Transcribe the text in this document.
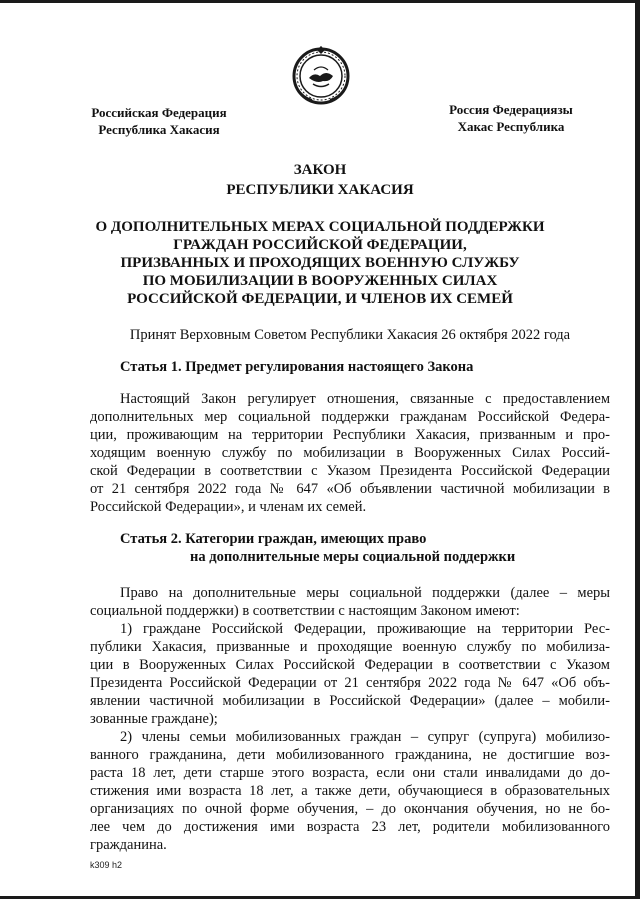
Российская Федерация
Республика Хакасия
Россия Федерациязы
Хакас Республика
ЗАКОН
РЕСПУБЛИКИ ХАКАСИЯ
О ДОПОЛНИТЕЛЬНЫХ МЕРАХ СОЦИАЛЬНОЙ ПОДДЕРЖКИ
ГРАЖДАН РОССИЙСКОЙ ФЕДЕРАЦИИ,
ПРИЗВАННЫХ И ПРОХОДЯЩИХ ВОЕННУЮ СЛУЖБУ
ПО МОБИЛИЗАЦИИ В ВООРУЖЕННЫХ СИЛАХ
РОССИЙСКОЙ ФЕДЕРАЦИИ, И ЧЛЕНОВ ИХ СЕМЕЙ
Принят Верховным Советом Республики Хакасия 26 октября 2022 года
Статья 1. Предмет регулирования настоящего Закона
Настоящий Закон регулирует отношения, связанные с предоставлением
дополнительных мер социальной поддержки гражданам Российской Федера-
ции, проживающим на территории Республики Хакасия, призванным и про-
ходящим военную службу по мобилизации в Вооруженных Силах Россий-
ской Федерации в соответствии с Указом Президента Российской Федерации
от 21 сентября 2022 года № 647 «Об объявлении частичной мобилизации в
Российской Федерации», и членам их семей.
Статья 2. Категории граждан, имеющих право
на дополнительные меры социальной поддержки
Право на дополнительные меры социальной поддержки (далее – меры
социальной поддержки) в соответствии с настоящим Законом имеют:
1) граждане Российской Федерации, проживающие на территории Рес-
публики Хакасия, призванные и проходящие военную службу по мобилиза-
ции в Вооруженных Силах Российской Федерации в соответствии с Указом
Президента Российской Федерации от 21 сентября 2022 года № 647 «Об объ-
явлении частичной мобилизации в Российской Федерации» (далее – мобили-
зованные граждане);
2) члены семьи мобилизованных граждан – супруг (супруга) мобилизо-
ванного гражданина, дети мобилизованного гражданина, не достигшие воз-
раста 18 лет, дети старше этого возраста, если они стали инвалидами до до-
стижения ими возраста 18 лет, а также дети, обучающиеся в образовательных
организациях по очной форме обучения, – до окончания обучения, но не бо-
лее чем до достижения ими возраста 23 лет, родители мобилизованного
гражданина.
k309 h2
